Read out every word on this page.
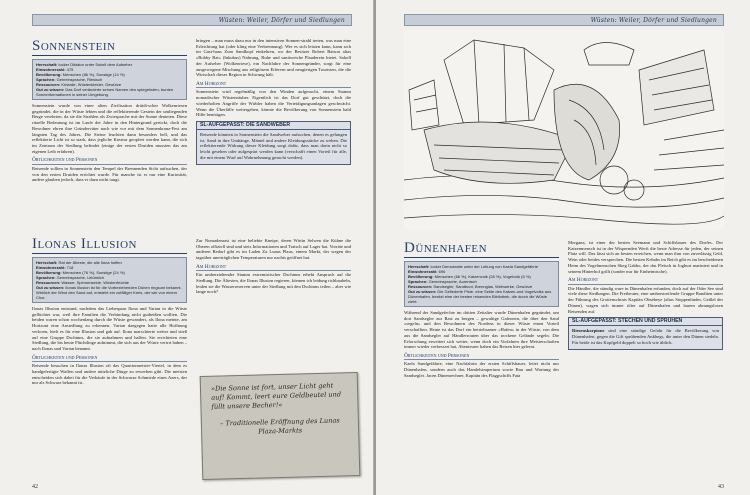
Wüsten: Weiler, Dörfer und Siedlungen
Sonnenstein
Herrschaft: locker Diktator unter Sokell dem Aufseher
Einwohnerzahl: 475
Bevölkerung: Menschen (86 %), Sonstige (14 %)
Sprachen: Gemeinsprache, Riesisch
Ressourcen: Kristalle, Wüstenkleider, Gewürze
Gut zu wissen: Das Dorf veränderte seinen Namen den spiegelnden, bunten Sonnenformationen in seiner Umgebung.

Sonnenstein wurde von einer alten Zivilisation drüidi-scher Wolkenriesen gegründet, die in der Wüste lebten und die reflektierende Gestein der umliegenden Berge verehrten, da sie die Strahlen als Zwiesprache mit der Sonne deuteten. Diese rituelle Bedeutung ist im Laufe der Jahre in den Hintergrund gerückt, doch die Bewohner ehren ihre Gründerväter nach wie vor mit dem Sonnenkranz-Fest am längsten Tag des Jahres. Die Steine leuchten dann besonders hell, und das reflektierte Licht ist so stark, dass jegliche Kreatur geopfert werden kann, die sich im Zentrum der Siedlung befindet (einige der ersten Druiden mussten das am eigenen Leib erfahren).

Örtlichkeiten und Personen

Reisende sollten in Sonnenstein den Tempel der Brennenden Sicht aufsuchen, der von den ersten Druiden errichtet wurde. Für manche ist er nur eine Kuriosität, andere glauben jedoch, dass er dazu nicht taugt.

bringen – man muss dazu nur in den intensiven Sonnen-strahl treten, was man eine Erleichtung hat (oder kling eine Verbrennung). Wer es sich leisten kann, kann sich im Gast-haus Zum Sandkopf einkehren, wo der Besitzer Robert Batson alias «Bobby Bat» (Inkubus) Nahrung, Ruhe und sanitweiche Plauderein bietet. Sokell der Aufseher (Wolkenriese), ein Nachfahre der Sonnengründer, sorgt für eine ausgewogene Mischung aus religiösem Eiferern und neugierigen Touristen, die die Wirtschaft dieser Region in Schwung hält.

Am Horizont

Sonnenstein wird regelmäßig von den Winden aufgesucht, einem Stamm nomadischer Wüstenräuber. Eigentlich ist das Dorf gut geschützt, doch die wiederholten Angriffe der Wirbler haben die Verteidigungsanlagen geschwächt. Wenn die Überfälle weitergehen, könnte die Bevölkerung von Sonnenstein bald Hilfe benötigen.

SL-AUFGEPASST: DIE SANDWEBER

Reisende könnten in Sonnenstein die Sandweber aufsuchen, denen es gelungen ist, Sand in ihre Umhänge, Mäntel und andere Kleidungsstücke zu weben. Die reflektierende Wirkung dieser Kleidung sorgt dafür, dass man darin nicht so leicht gesehen oder aufgespürt werden kann (verschafft einen Vorteil für alle, die mit einem Wurf auf Wahrnehmung gesucht werden).

Ilonas Illusion
Herrschaft: Rat der Älteste, die alle Ilona hoffen
Einwohnerzahl: 718
Bevölkerung: Menschen (76 %), Sonstige (24 %)
Sprachen: Gemeinsprache, Urtümlich
Ressourcen: Wasser, Spinnenseide, Wüstenfrüchte
Gut zu wissen: Ilonas Illusion ist für die Vorbeziehenden Dünen ringsum bekannt. Wirklich der Wind den Sand auf, entsteht ein zufälliger Kreis, der wie von einem Chor.

Ilonas Illusion entstand, nachdem das Liebespaar Ilona und Varian in die Wüste geflüchtet war, weil ihre Familien die Verbindung nicht gutheißen wollten. Die beiden waren schon wochenlang durch die Wüste gewandert, als Ilona meinte, am Horizont eine Ansiedlung zu erkennen. Varian daegegen hatte alle Hoffnung verloren, hielt es für eine Illusion und gab auf. Ilona marschierte weiter und stieß auf eine Gruppe Dschinns, die sie aufnahmen und halfen. Sie errichteten eine Siedlung, die bis heute Flüchtlinge aufnimmt, die sich aus der Wüste verirrt haben – nach Ilonas und Varian benannt.

Örtlichkeiten und Personen

Reisende besuchen in Ilonas Illusion oft das Quartiermeister-Viertel, in dem es handgefertigte Waffen und andere nützliche Dinge zu erwerben gibt. Die meisten entscheiden sich dabei für die Verkäufe in der Schwarze Schmiede eines Azers, der nur als Schwarz bekannt ist.

Zur Nomadenrast ist eine beliebte Kneipe, deren Wirtin Selwen die Kühne die Oberen offiziell sind und stets Informationen und Tratsch auf Lager hat. Vorräte und anderen Bedarf gibt es im Laden Zu Lunas Plaus, einem Markt, der wegen der tagsüber unerträglichen Temperaturen nur nachts geöffnet hat.

Am Horizont

Ein umherziehender Stamm extremistischer Dschinns erhebt Anspruch auf die Siedlung. Die Ältesten, die Ilonas Illusion regieren, können ich leidung richbaubeln, leiden sie die Wasserreserven unter der Siedlung mit den Dschinns teilen – aber wie lange noch?

»Die Sonne ist fort, unser Licht geht auf! Kommt, leert eure Geldbeutel und füllt unsere Becher!«

– Traditionelle Eröffnung des Lunas Plaza-Markts

42
Wüsten: Weiler, Dörfer und Siedlungen
Dünenhafen
Herrschaft: locker Demokratie unter der Leitung von Kaela Sandgefährte
Einwohnerzahl: 696
Bevölkerung: Menschen (66 %), Katzenvolk (28 %), Vogelvolk (6 %)
Sprachen: Gemeinsprache, Aurenisch
Ressourcen: Sandsegler, Sandboot, Brennglas, Webwerke, Gewürze
Gut zu wissen: Die Gefiederte Piste, eine Sekte des Katzen-und Vogelvolks aus Dünenhafen, besitzt eine der besten reisenden Bibliothek, die durch die Wüste zieht.

Während der Sandgefechte im dritten Zeitalter wurde Dünenhafen gegründet, um dort Sandsegler zur Rast zu bergen – gewaltige Galeonen, die über den Sand «segeln» und den Bewohnern des Nordens in dieser Wüste einen Vorteil verschafften. Heute ist das Dorf ein betriebsamer «Hafen» in der Wüste, von dem aus die Sandsegler auf Händlerrouten über das trockene Gelände segeln. Die Erforschung erweitert sich weiter, wenn doch ein Vorfahren ihre Meisterschaften immer wieder verbessert hat, Abenteurer haben das Reisen hier gelernt.

Örtlichkeiten und Personen

Kaela Sandgefährte, eine Nachfahrin der ersten Schiffsbauer, leitet nicht nur Dünenhafen, sondern auch das Handelsimperium sowie Bau und Wartung der Sandsegler. Jacen Dünenrechner, Kapitän des Flaggschiffs Fata

Morgana, ist einer der besten Seemann und Schiffsbauer des Dorfes. Der Katzenmensch ist in der Wispernden Werft die beste Adresse für jeden, der seinen Platz will. Das lässt sich an besten erreichen, wenn man ihm von zuverlässig Geld, Wein oder beides versprechen. Die besten Kebabs im Reich gibt es im bescheidenen Heim des Vogelmenschen Skeg Gabbo, der das Fleisch in Joghurt mariniert und in seinem Hinterhof grillt (sonder nur für Einheimische).

Am Horizont

Die Händler, die ständig ware in Dünenhafen erfunden, doch auf der Oder See sind viele diese Siedlungen. Die Freibeuter, eine umherstreifende Gruppe Banditen unter der Führung des Grottenschrats Kapitän Obsebeye (alias Stoppenlinder, Geißel der Dünen), wagen sich immer öfter auf Dünenhafen und lauern ahnungslosen Reisenden auf.

SL-AUFGEPASST: STECHEN UND SPRÜHEN

Riesenskorpione sind eine ständige Gefahr für die Bevölkerung von Dünenhafen, gegen die Gift sprühenden Ankhegs, die unter den Dünen siedeln. Für beide ist das Kopfgeld doppelt so hoch wie üblich.

43
